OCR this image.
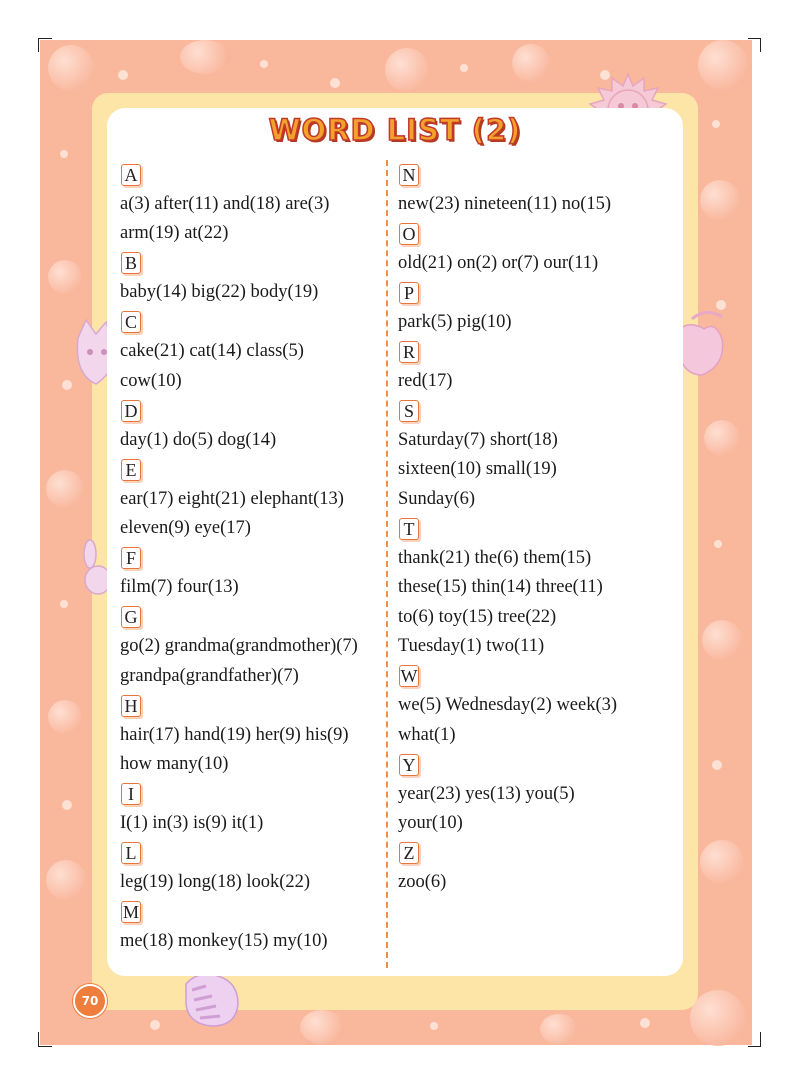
WORD LIST (2)
A
a(3) after(11) and(18) are(3)
arm(19) at(22)
B
baby(14) big(22) body(19)
C
cake(21) cat(14) class(5)
cow(10)
D
day(1) do(5) dog(14)
E
ear(17) eight(21) elephant(13)
eleven(9) eye(17)
F
film(7) four(13)
G
go(2) grandma(grandmother)(7)
grandpa(grandfather)(7)
H
hair(17) hand(19) her(9) his(9)
how many(10)
I
I(1) in(3) is(9) it(1)
L
leg(19) long(18) look(22)
M
me(18) monkey(15) my(10)
N
new(23) nineteen(11) no(15)
O
old(21) on(2) or(7) our(11)
P
park(5) pig(10)
R
red(17)
S
Saturday(7) short(18)
sixteen(10) small(19)
Sunday(6)
T
thank(21) the(6) them(15)
these(15) thin(14) three(11)
to(6) toy(15) tree(22)
Tuesday(1) two(11)
W
we(5) Wednesday(2) week(3)
what(1)
Y
year(23) yes(13) you(5)
your(10)
Z
zoo(6)
70
